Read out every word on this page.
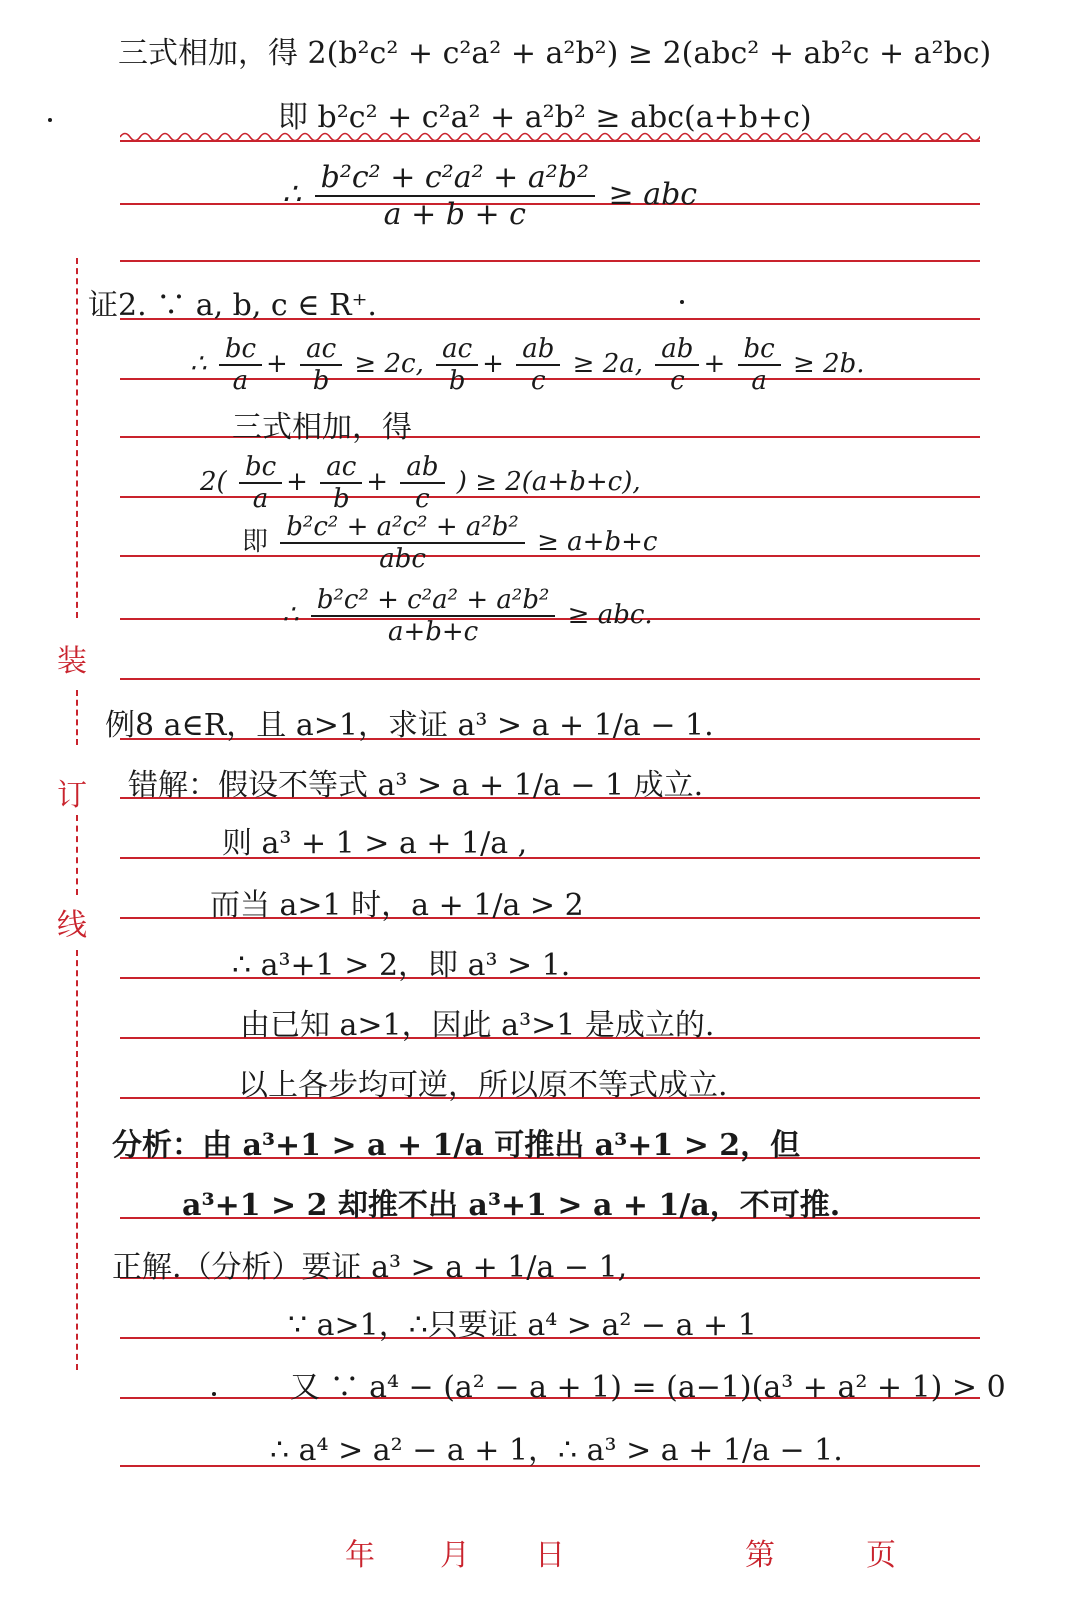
装
订
线
三式相加，得 2(b²c² + c²a² + a²b²) ≥ 2(abc² + ab²c + a²bc)
即 b²c² + c²a² + a²b² ≥ abc(a+b+c)
∴ $\frac{\text{b²c² + c²a² + a²b²}}{a + b + c}$ ≥ abc
证2. ∵ a, b, c ∈ R⁺.
∴ $\frac{bc}{a} + \frac{ac}{b} \ge 2c$, $\frac{ac}{b} + \frac{ab}{c} \ge 2a$, $\frac{ab}{c} + \frac{bc}{a} \ge 2b$.
三式相加，得
$2( \frac{bc}{a} + \frac{ac}{b} + \frac{ab}{c}$ ) ≥ 2(a+b+c),
即 $\frac{\text{b²c² + a²c² + a²b²}}{\text{abc}} \ge a+b+c$
∴ $\frac{\text{b²c² + c²a² + a²b²}}{a+b+c}$ ≥ abc.
例8 a∈R，且 a>1，求证 a³ > a + 1/a − 1.
错解：假设不等式 a³ > a + 1/a − 1 成立.
则 a³ + 1 > a + 1/a ,
而当 a>1 时，a + 1/a > 2
∴ a³+1 > 2，即 a³ > 1.
由已知 a>1，因此 a³>1 是成立的.
以上各步均可逆，所以原不等式成立.
分析：由 a³+1 > a + 1/a 可推出 a³+1 > 2，但
a³+1 > 2 却推不出 a³+1 > a + 1/a，不可推.
正解.（分析）要证 a³ > a + 1/a − 1,
∵ a>1，∴只要证 a⁴ > a² − a + 1
又 ∵ a⁴ − (a² − a + 1) = (a−1)(a³ + a² + 1) > 0
∴ a⁴ > a² − a + 1，∴ a³ > a + 1/a − 1.
年 月 日	第	页
